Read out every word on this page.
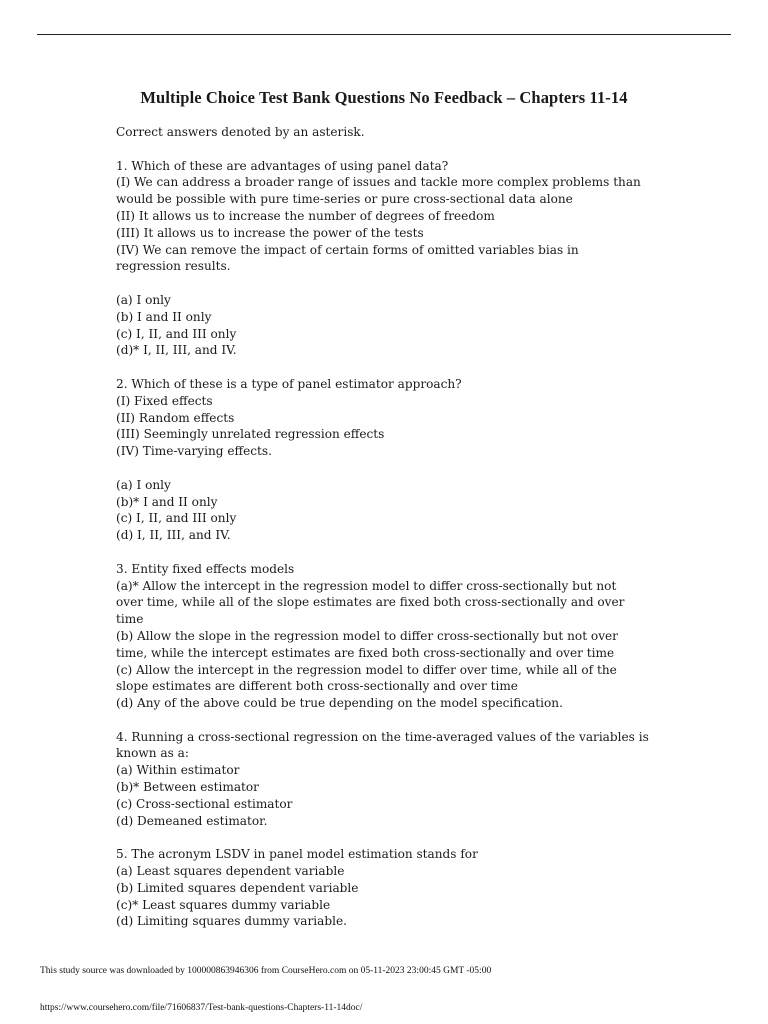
Multiple Choice Test Bank Questions No Feedback – Chapters 11-14

Correct answers denoted by an asterisk.

1. Which of these are advantages of using panel data?
(I) We can address a broader range of issues and tackle more complex problems than
would be possible with pure time-series or pure cross-sectional data alone
(II) It allows us to increase the number of degrees of freedom
(III) It allows us to increase the power of the tests
(IV) We can remove the impact of certain forms of omitted variables bias in
regression results.
(a) I only
(b) I and II only
(c) I, II, and III only
(d)* I, II, III, and IV.
2. Which of these is a type of panel estimator approach?
(I) Fixed effects
(II) Random effects
(III) Seemingly unrelated regression effects
(IV) Time-varying effects.
(a) I only
(b)* I and II only
(c) I, II, and III only
(d) I, II, III, and IV.
3. Entity fixed effects models
(a)* Allow the intercept in the regression model to differ cross-sectionally but not
over time, while all of the slope estimates are fixed both cross-sectionally and over
time
(b) Allow the slope in the regression model to differ cross-sectionally but not over
time, while the intercept estimates are fixed both cross-sectionally and over time
(c) Allow the intercept in the regression model to differ over time, while all of the
slope estimates are different both cross-sectionally and over time
(d) Any of the above could be true depending on the model specification.
4. Running a cross-sectional regression on the time-averaged values of the variables is
known as a:
(a) Within estimator
(b)* Between estimator
(c) Cross-sectional estimator
(d) Demeaned estimator.
5. The acronym LSDV in panel model estimation stands for
(a) Least squares dependent variable
(b) Limited squares dependent variable
(c)* Least squares dummy variable
(d) Limiting squares dummy variable.
This study source was downloaded by 100000863946306 from CourseHero.com on 05-11-2023 23:00:45 GMT -05:00
https://www.coursehero.com/file/71606837/Test-bank-questions-Chapters-11-14doc/
